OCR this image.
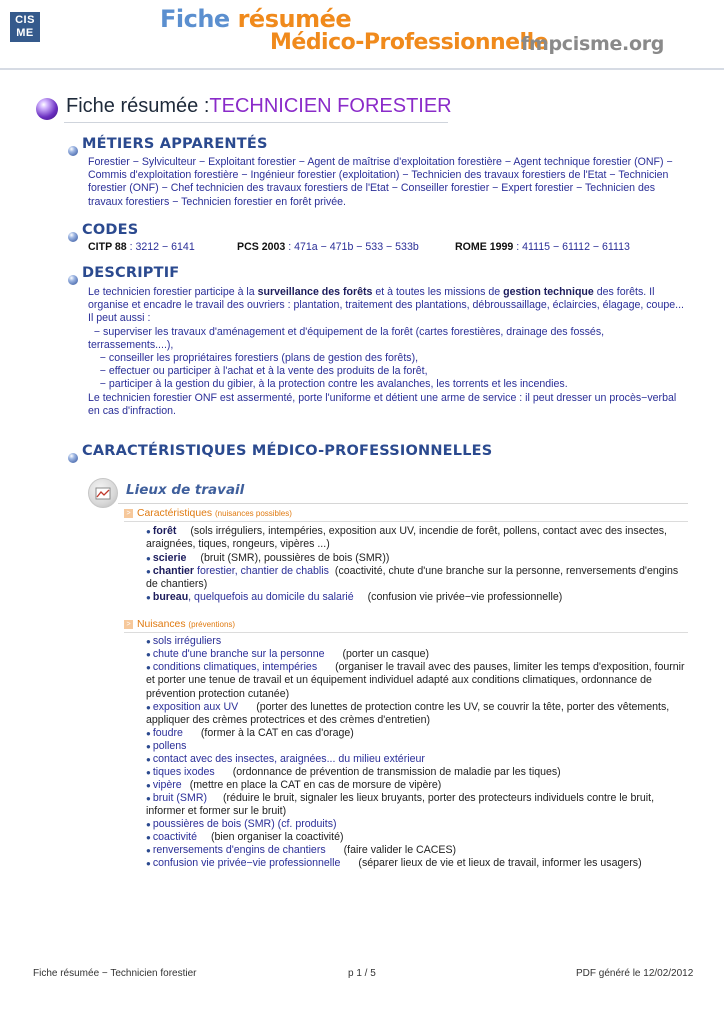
CIS
ME	Fiche résumée
Médico-Professionnelle
fmpcisme.org
Fiche résumée :TECHNICIEN FORESTIER
MÉTIERS APPARENTÉS
Forestier − Sylviculteur − Exploitant forestier − Agent de maîtrise d'exploitation forestière − Agent technique forestier (ONF) − Commis d'exploitation forestière − Ingénieur forestier (exploitation) − Technicien des travaux forestiers de l'Etat − Technicien forestier (ONF) − Chef technicien des travaux forestiers de l'Etat − Conseiller forestier − Expert forestier − Technicien des travaux forestiers − Technicien forestier en forêt privée.
CODES
CITP 88 : 3212 − 6141	PCS 2003 : 471a − 471b − 533 − 533b	ROME 1999 : 41115 − 61112 − 61113
DESCRIPTIF
Le technicien forestier participe à la surveillance des forêts et à toutes les missions de gestion technique des forêts. Il organise et encadre le travail des ouvriers : plantation, traitement des plantations, débroussaillage, éclaircies, élagage, coupe...
Il peut aussi :
− superviser les travaux d'aménagement et d'équipement de la forêt (cartes forestières, drainage des fossés, terrassements....),
− conseiller les propriétaires forestiers (plans de gestion des forêts),
− effectuer ou participer à l'achat et à la vente des produits de la forêt,
− participer à la gestion du gibier, à la protection contre les avalanches, les torrents et les incendies.
Le technicien forestier ONF est assermenté, porte l'uniforme et détient une arme de service : il peut dresser un procès−verbal en cas d'infraction.
CARACTÉRISTIQUES MÉDICO-PROFESSIONNELLES
Lieux de travail
> Caractéristiques (nuisances possibles)
● forêt (sols irréguliers, intempéries, exposition aux UV, incendie de forêt, pollens, contact avec des insectes, araignées, tiques, rongeurs, vipères ...)
● scierie (bruit (SMR), poussières de bois (SMR))
● chantier forestier, chantier de chablis (coactivité, chute d'une branche sur la personne, renversements d'engins de chantiers)
● bureau, quelquefois au domicile du salarié (confusion vie privée−vie professionnelle)
> Nuisances (préventions)
● sols irréguliers
● chute d'une branche sur la personne (porter un casque)
● conditions climatiques, intempéries (organiser le travail avec des pauses, limiter les temps d'exposition, fournir et porter une tenue de travail et un équipement individuel adapté aux conditions climatiques, ordonnance de prévention protection cutanée)
● exposition aux UV (porter des lunettes de protection contre les UV, se couvrir la tête, porter des vêtements, appliquer des crèmes protectrices et des crèmes d'entretien)
● foudre (former à la CAT en cas d'orage)
● pollens
● contact avec des insectes, araignées... du milieu extérieur
● tiques ixodes (ordonnance de prévention de transmission de maladie par les tiques)
● vipère (mettre en place la CAT en cas de morsure de vipère)
● bruit (SMR) (réduire le bruit, signaler les lieux bruyants, porter des protecteurs individuels contre le bruit, informer et former sur le bruit)
● poussières de bois (SMR) (cf. produits)
● coactivité (bien organiser la coactivité)
● renversements d'engins de chantiers (faire valider le CACES)
● confusion vie privée−vie professionnelle (séparer lieux de vie et lieux de travail, informer les usagers)
Fiche résumée − Technicien forestier	p 1 / 5	PDF généré le 12/02/2012
